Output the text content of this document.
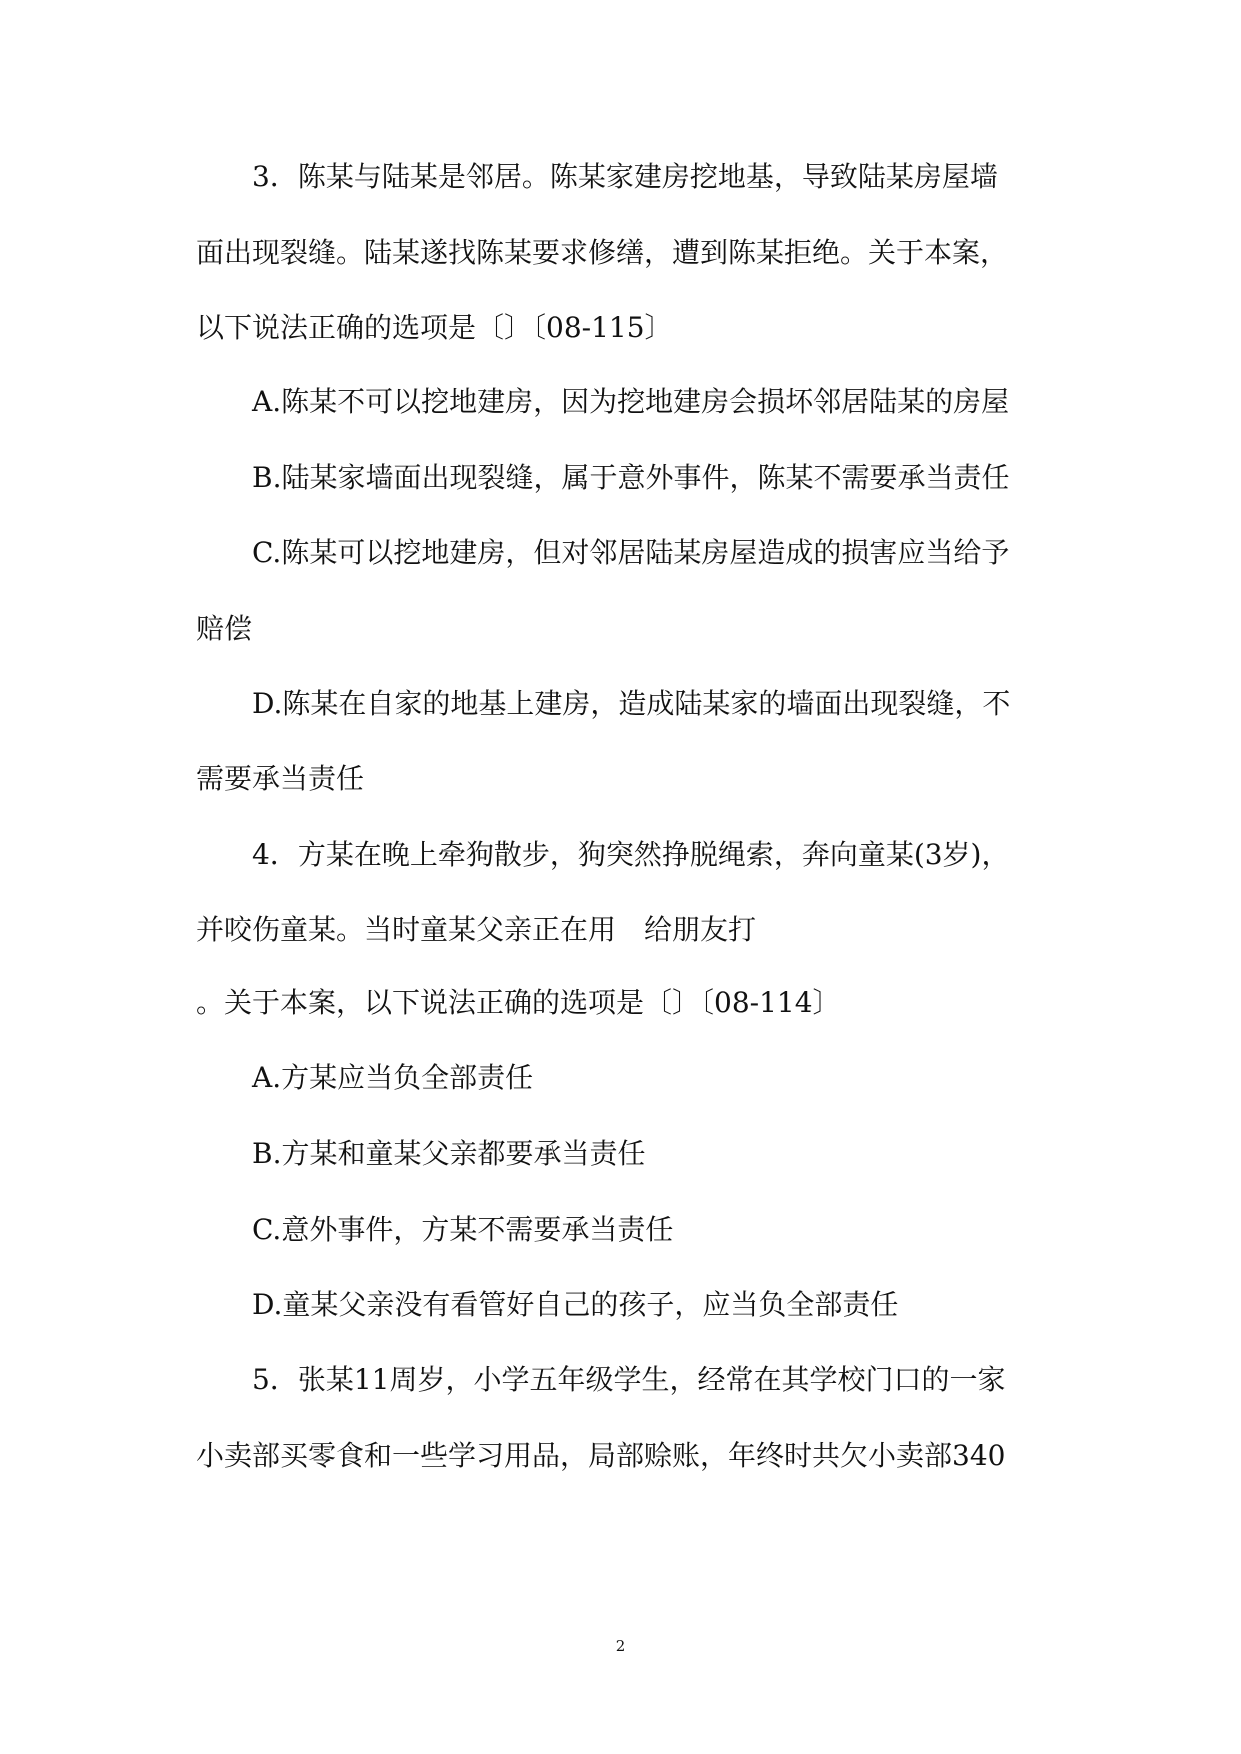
3．陈某与陆某是邻居。陈某家建房挖地基，导致陆某房屋墙
面出现裂缝。陆某遂找陈某要求修缮，遭到陈某拒绝。关于本案，
以下说法正确的选项是〔〕〔08-115〕
A.陈某不可以挖地建房，因为挖地建房会损坏邻居陆某的房屋
B.陆某家墙面出现裂缝，属于意外事件，陈某不需要承当责任
C.陈某可以挖地建房，但对邻居陆某房屋造成的损害应当给予
赔偿
D.陈某在自家的地基上建房，造成陆某家的墙面出现裂缝，不
需要承当责任
4．方某在晚上牵狗散步，狗突然挣脱绳索，奔向童某(3岁)，
并咬伤童某。当时童某父亲正在用　给朋友打
。关于本案，以下说法正确的选项是〔〕〔08-114〕
A.方某应当负全部责任
B.方某和童某父亲都要承当责任
C.意外事件，方某不需要承当责任
D.童某父亲没有看管好自己的孩子，应当负全部责任
5．张某11周岁，小学五年级学生，经常在其学校门口的一家
小卖部买零食和一些学习用品，局部赊账，年终时共欠小卖部340
2
